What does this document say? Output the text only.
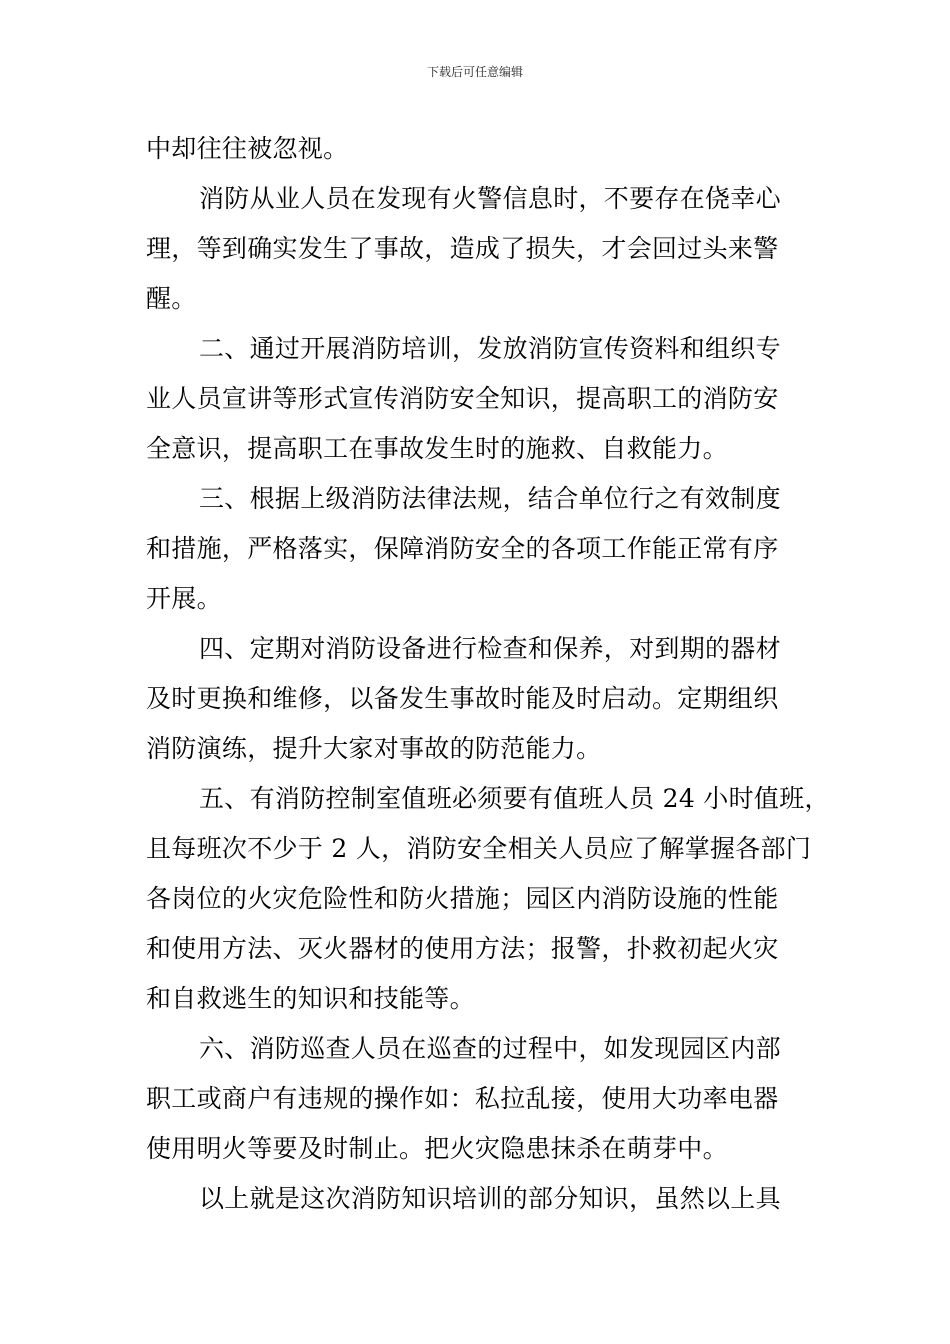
下载后可任意编辑
中却往往被忽视。
消防从业人员在发现有火警信息时，不要存在侥幸心
理，等到确实发生了事故，造成了损失，才会回过头来警
醒。
二、通过开展消防培训，发放消防宣传资料和组织专
业人员宣讲等形式宣传消防安全知识，提高职工的消防安
全意识，提高职工在事故发生时的施救、自救能力。
三、根据上级消防法律法规，结合单位行之有效制度
和措施，严格落实，保障消防安全的各项工作能正常有序
开展。
四、定期对消防设备进行检查和保养，对到期的器材
及时更换和维修，以备发生事故时能及时启动。定期组织
消防演练，提升大家对事故的防范能力。
五、有消防控制室值班必须要有值班人员 24 小时值班，
且每班次不少于 2 人，消防安全相关人员应了解掌握各部门
各岗位的火灾危险性和防火措施；园区内消防设施的性能
和使用方法、灭火器材的使用方法；报警，扑救初起火灾
和自救逃生的知识和技能等。
六、消防巡查人员在巡查的过程中，如发现园区内部
职工或商户有违规的操作如：私拉乱接，使用大功率电器
使用明火等要及时制止。把火灾隐患抹杀在萌芽中。
以上就是这次消防知识培训的部分知识，虽然以上具
